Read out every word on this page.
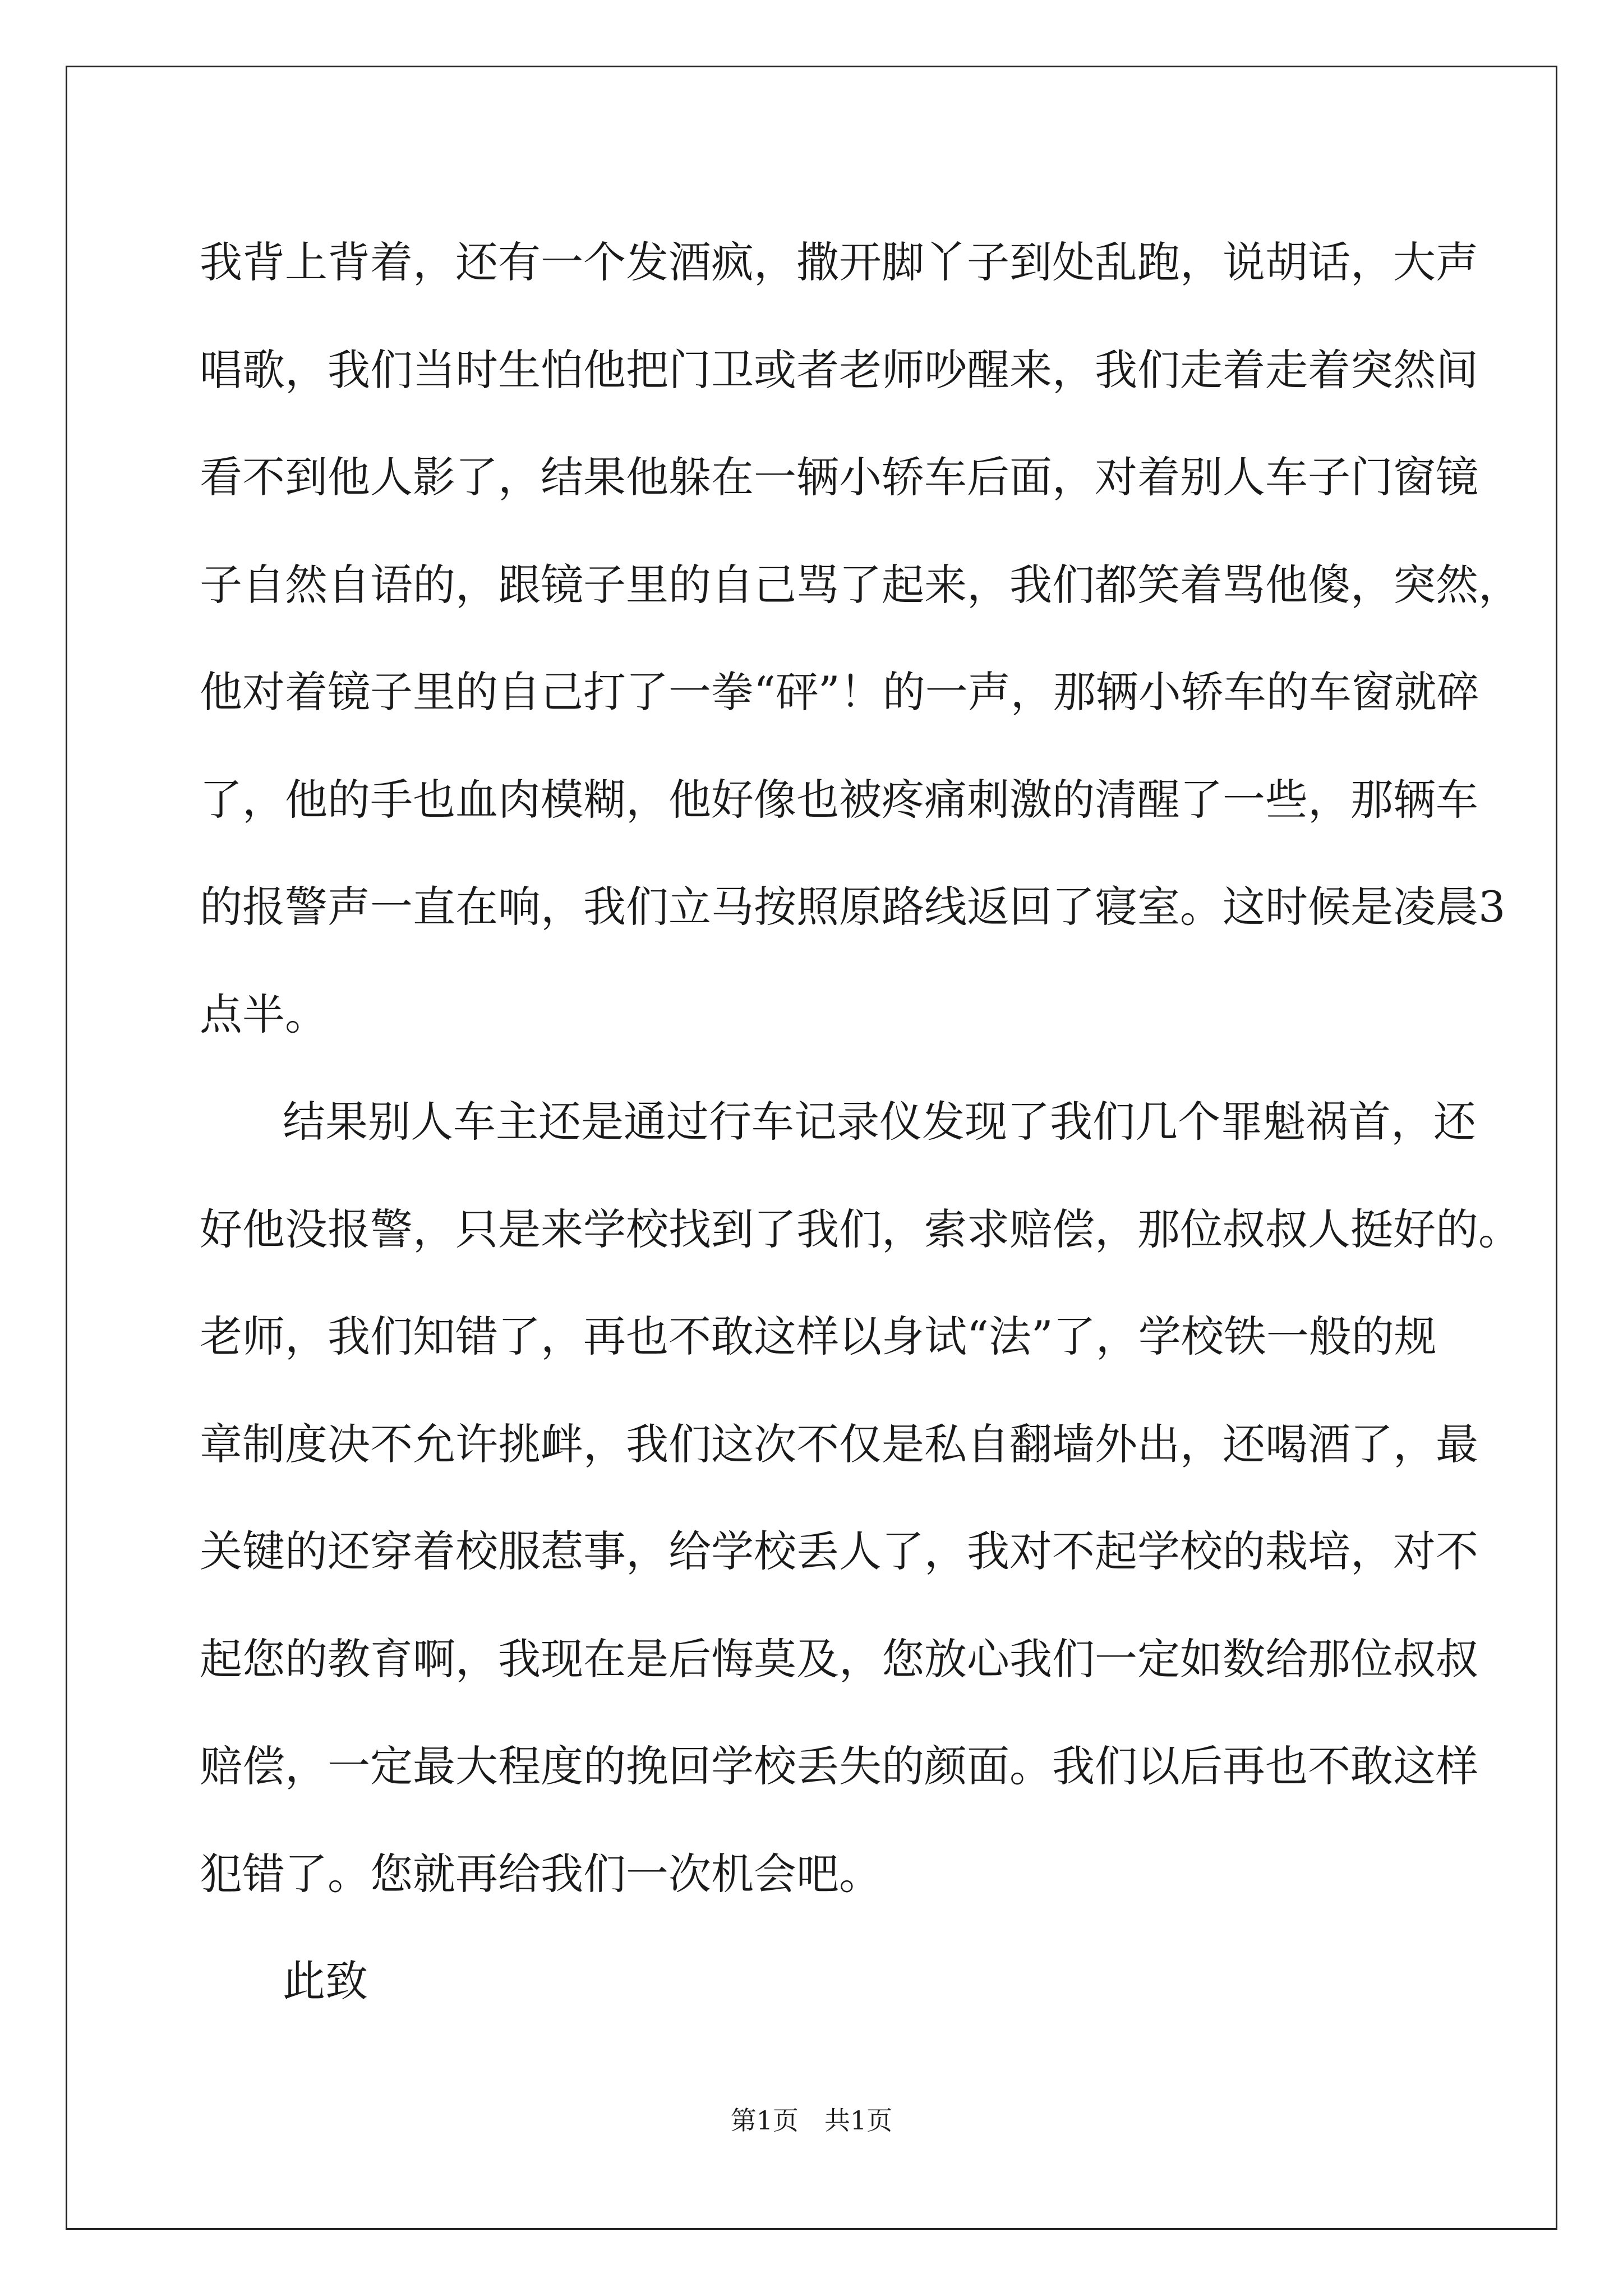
我背上背着，还有一个发酒疯，撒开脚丫子到处乱跑，说胡话，大声
唱歌，我们当时生怕他把门卫或者老师吵醒来，我们走着走着突然间
看不到他人影了，结果他躲在一辆小轿车后面，对着别人车子门窗镜
子自然自语的，跟镜子里的自己骂了起来，我们都笑着骂他傻，突然，
他对着镜子里的自己打了一拳“砰”！的一声，那辆小轿车的车窗就碎
了，他的手也血肉模糊，他好像也被疼痛刺激的清醒了一些，那辆车
的报警声一直在响，我们立马按照原路线返回了寝室。这时候是凌晨3
点半。
结果别人车主还是通过行车记录仪发现了我们几个罪魁祸首，还
好他没报警，只是来学校找到了我们，索求赔偿，那位叔叔人挺好的。
老师，我们知错了，再也不敢这样以身试“法”了，学校铁一般的规
章制度决不允许挑衅，我们这次不仅是私自翻墙外出，还喝酒了，最
关键的还穿着校服惹事，给学校丢人了，我对不起学校的栽培，对不
起您的教育啊，我现在是后悔莫及，您放心我们一定如数给那位叔叔
赔偿，一定最大程度的挽回学校丢失的颜面。我们以后再也不敢这样
犯错了。您就再给我们一次机会吧。
此致
第1页 共1页
